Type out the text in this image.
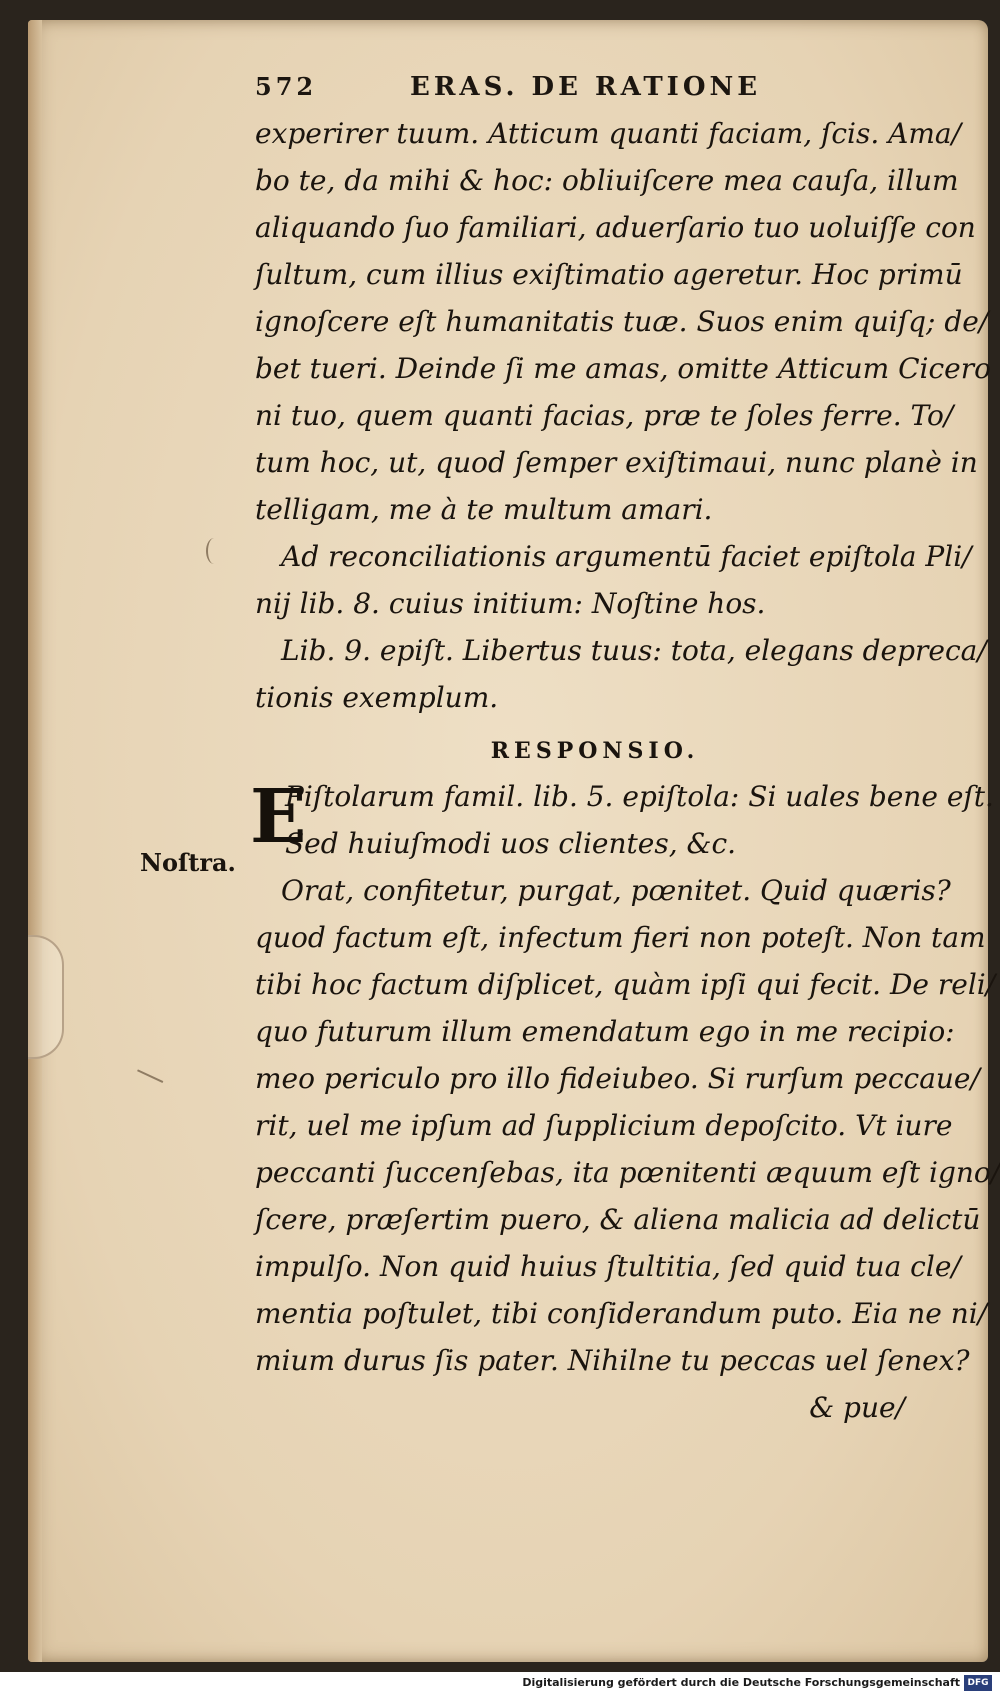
572	ERAS. DE RATIONE
Noſtra.
experirer tuum. Atticum quanti faciam, ſcis. Ama/
bo te, da mihi & hoc: obliuiſcere mea cauſa, illum
aliquando ſuo familiari, aduerſario tuo uoluiſſe con
ſultum, cum illius exiſtimatio ageretur. Hoc primū
ignoſcere eſt humanitatis tuæ. Suos enim quiſq; de/
bet tueri. Deinde ſi me amas, omitte Atticum Cicero
ni tuo, quem quanti facias, præ te ſoles ferre. To/
tum hoc, ut, quod ſemper exiſtimaui, nunc planè in
telligam, me à te multum amari.
Ad reconciliationis argumentū faciet epiſtola Pli/
nij lib. 8. cuius initium: Noſtine hos.
Lib. 9. epiſt. Libertus tuus: tota, elegans depreca/
tionis exemplum.
RESPONSIO.
E
Piſtolarum famil. lib. 5. epiſtola: Si uales bene eſt.
Sed huiuſmodi uos clientes, &c.
Orat, confitetur, purgat, pœnitet. Quid quæris?
quod factum eſt, infectum fieri non poteſt. Non tam
tibi hoc factum diſplicet, quàm ipſi qui fecit. De reli/
quo futurum illum emendatum ego in me recipio:
meo periculo pro illo fideiubeo. Si rurſum peccaue/
rit, uel me ipſum ad ſupplicium depoſcito. Vt iure
peccanti ſuccenſebas, ita pœnitenti æquum eſt igno/
ſcere, præſertim puero, & aliena malicia ad delictū
impulſo. Non quid huius ſtultitia, ſed quid tua cle/
mentia poſtulet, tibi conſiderandum puto. Eia ne ni/
mium durus ſis pater. Nihilne tu peccas uel ſenex?
& pue/
Digitalisierung gefördert durch die Deutsche Forschungsgemeinschaft DFG
